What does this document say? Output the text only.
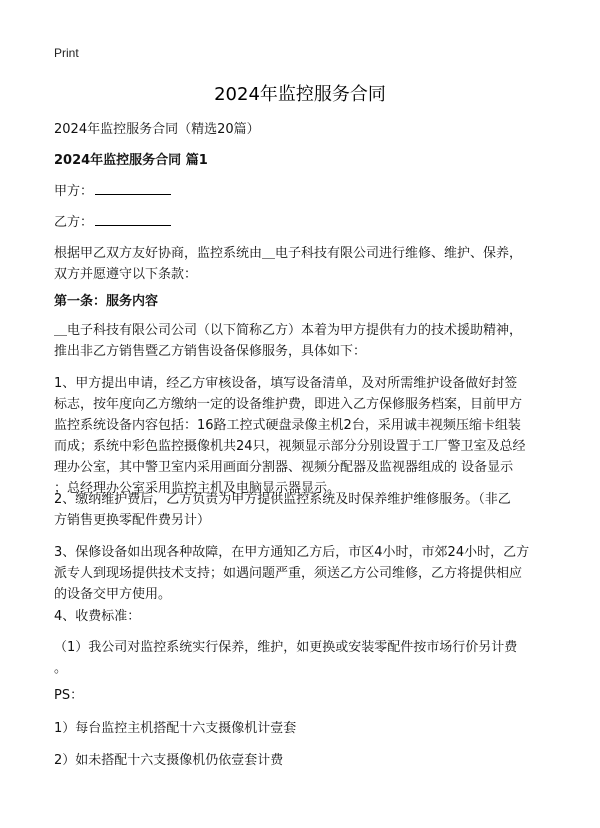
Print
2024年监控服务合同
2024年监控服务合同（精选20篇）
2024年监控服务合同 篇1
甲方：
乙方：
根据甲乙双方友好协商，监控系统由＿电子科技有限公司进行维修、维护、保养，
双方并愿遵守以下条款：
第一条：服务内容
＿电子科技有限公司公司（以下简称乙方）本着为甲方提供有力的技术援助精神，
推出非乙方销售暨乙方销售设备保修服务，具体如下：
1、甲方提出申请，经乙方审核设备，填写设备清单，及对所需维护设备做好封签
标志，按年度向乙方缴纳一定的设备维护费，即进入乙方保修服务档案，目前甲方
监控系统设备内容包括：16路工控式硬盘录像主机2台，采用诚丰视频压缩卡组装
而成；系统中彩色监控摄像机共24只，视频显示部分分别设置于工厂警卫室及总经
理办公室，其中警卫室内采用画面分割器、视频分配器及监视器组成的 设备显示
；总经理办公室采用监控主机及电脑显示器显示。
2、缴纳维护费后，乙方负责为甲方提供监控系统及时保养维护维修服务。（非乙
方销售更换零配件费另计）
3、保修设备如出现各种故障，在甲方通知乙方后，市区4小时，市郊24小时，乙方
派专人到现场提供技术支持；如遇问题严重，须送乙方公司维修，乙方将提供相应
的设备交甲方使用。
4、收费标准：
（1）我公司对监控系统实行保养，维护，如更换或安装零配件按市场行价另计费
。
PS：
1）每台监控主机搭配十六支摄像机计壹套
2）如未搭配十六支摄像机仍依壹套计费
